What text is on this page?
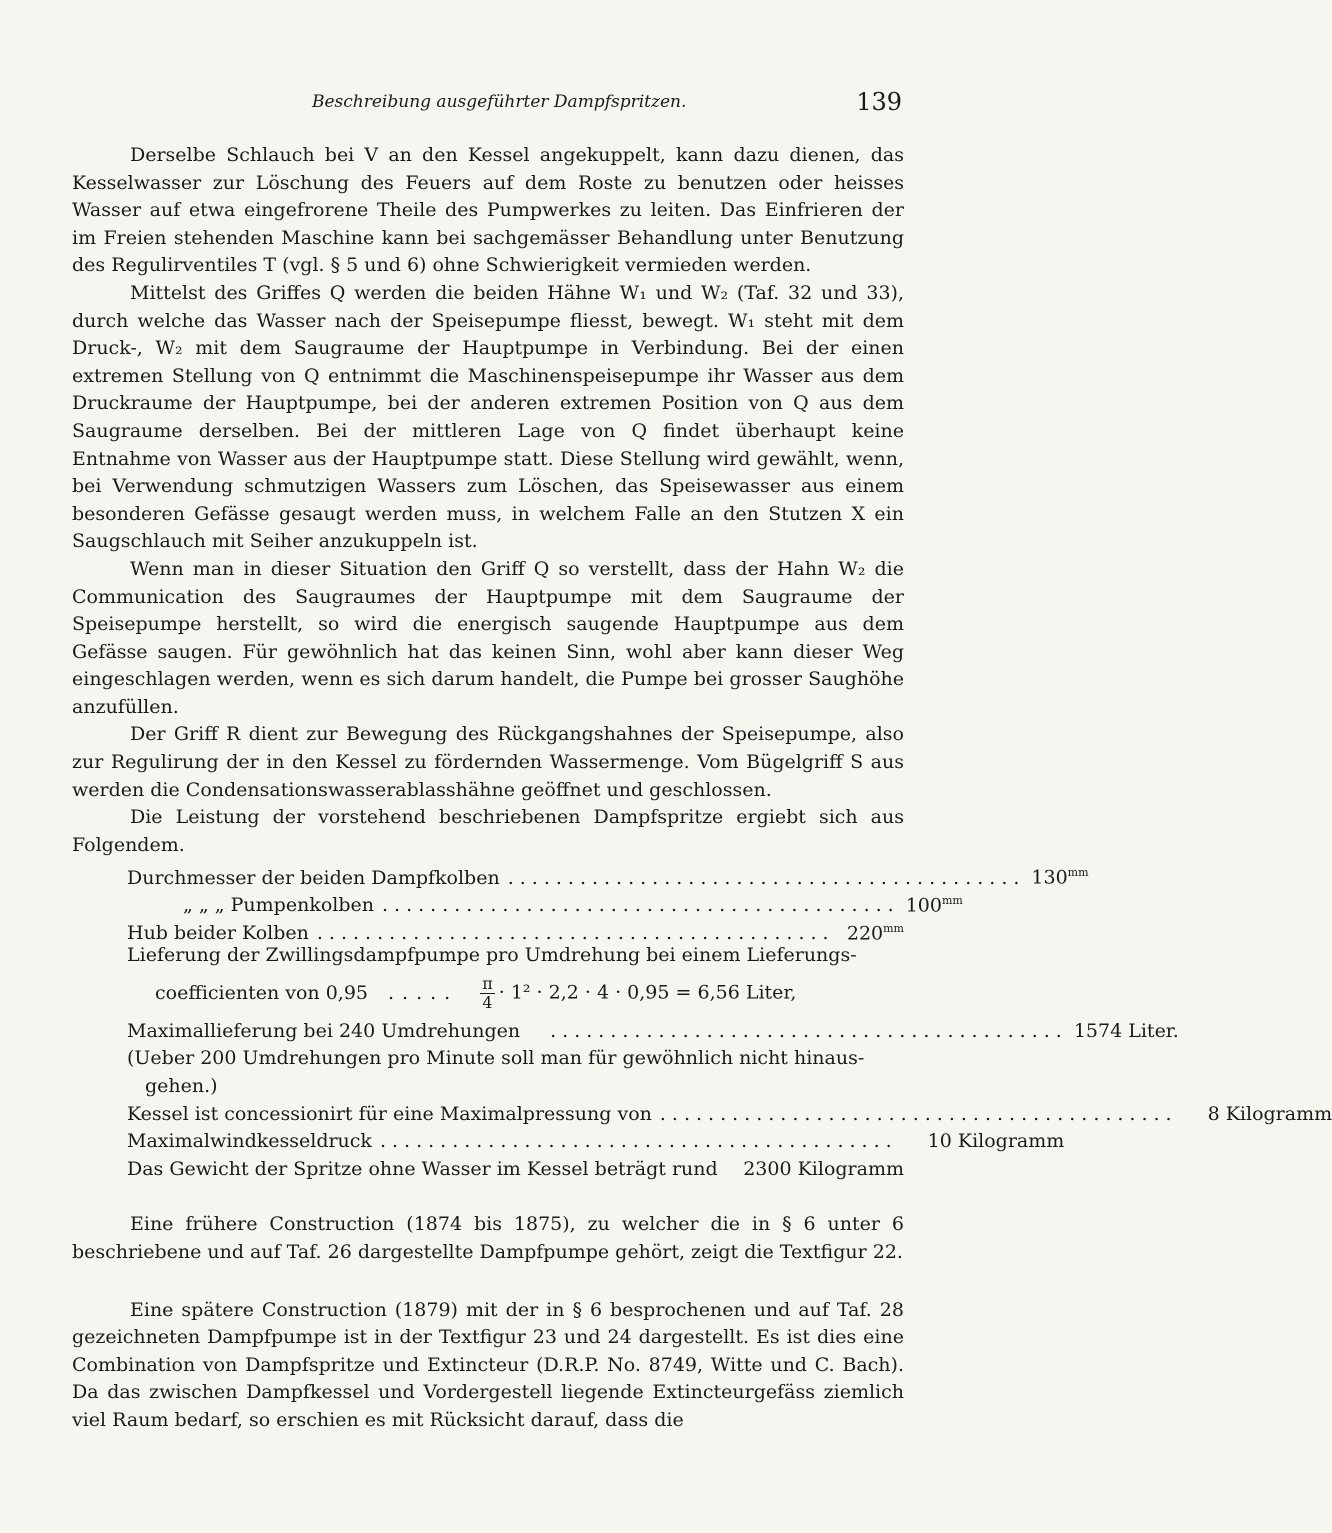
Beschreibung ausgeführter Dampfspritzen.	139

Derselbe Schlauch bei V an den Kessel angekuppelt, kann dazu dienen, das Kesselwasser zur Löschung des Feuers auf dem Roste zu benutzen oder heisses Wasser auf etwa eingefrorene Theile des Pumpwerkes zu leiten. Das Einfrieren der im Freien stehenden Maschine kann bei sachgemässer Behandlung unter Benutzung des Regulirventiles T (vgl. § 5 und 6) ohne Schwierigkeit vermieden werden.

Mittelst des Griffes Q werden die beiden Hähne W₁ und W₂ (Taf. 32 und 33), durch welche das Wasser nach der Speisepumpe fliesst, bewegt. W₁ steht mit dem Druck-, W₂ mit dem Saugraume der Hauptpumpe in Verbindung. Bei der einen extremen Stellung von Q entnimmt die Maschinenspeisepumpe ihr Wasser aus dem Druckraume der Hauptpumpe, bei der anderen extremen Position von Q aus dem Saugraume derselben. Bei der mittleren Lage von Q findet überhaupt keine Entnahme von Wasser aus der Hauptpumpe statt. Diese Stellung wird gewählt, wenn, bei Verwendung schmutzigen Wassers zum Löschen, das Speisewasser aus einem besonderen Gefässe gesaugt werden muss, in welchem Falle an den Stutzen X ein Saugschlauch mit Seiher anzukuppeln ist.

Wenn man in dieser Situation den Griff Q so verstellt, dass der Hahn W₂ die Communication des Saugraumes der Hauptpumpe mit dem Saugraume der Speisepumpe herstellt, so wird die energisch saugende Hauptpumpe aus dem Gefässe saugen. Für gewöhnlich hat das keinen Sinn, wohl aber kann dieser Weg eingeschlagen werden, wenn es sich darum handelt, die Pumpe bei grosser Saughöhe anzufüllen.

Der Griff R dient zur Bewegung des Rückgangshahnes der Speisepumpe, also zur Regulirung der in den Kessel zu fördernden Wassermenge. Vom Bügelgriff S aus werden die Condensationswasserablasshähne geöffnet und geschlossen.

Die Leistung der vorstehend beschriebenen Dampfspritze ergiebt sich aus Folgendem.

Durchmesser der beiden Dampfkolben ........................................... $130^{mm}$
„ „ „ Pumpenkolben ........................................... $100^{mm}$
Hub beider Kolben ........................................... $220^{mm}$
Lieferung der Zwillingsdampfpumpe pro Umdrehung bei einem Lieferungs-
coefficienten von 0,95	..... $\frac{\pi}{4} \cdot 1^2 \cdot 2,2 \cdot 4 \cdot 0,95 = 6,56$ Liter,
Maximallieferung bei 240 Umdrehungen	........................................... 1574 Liter.
(Ueber 200 Umdrehungen pro Minute soll man für gewöhnlich nicht hinaus-
gehen.)
Kessel ist concessionirt für eine Maximalpressung von ........................................... 8 Kilogramm
Maximalwindkesseldruck ........................................... 10 Kilogramm
Das Gewicht der Spritze ohne Wasser im Kessel beträgt rund 2300 Kilogramm

Eine frühere Construction (1874 bis 1875), zu welcher die in § 6 unter 6 beschriebene und auf Taf. 26 dargestellte Dampfpumpe gehört, zeigt die Textfigur 22.

Eine spätere Construction (1879) mit der in § 6 besprochenen und auf Taf. 28 gezeichneten Dampfpumpe ist in der Textfigur 23 und 24 dargestellt. Es ist dies eine Combination von Dampfspritze und Extincteur (D.R.P. No. 8749, Witte und C. Bach). Da das zwischen Dampfkessel und Vordergestell liegende Extincteurgefäss ziemlich viel Raum bedarf, so erschien es mit Rücksicht darauf, dass die
